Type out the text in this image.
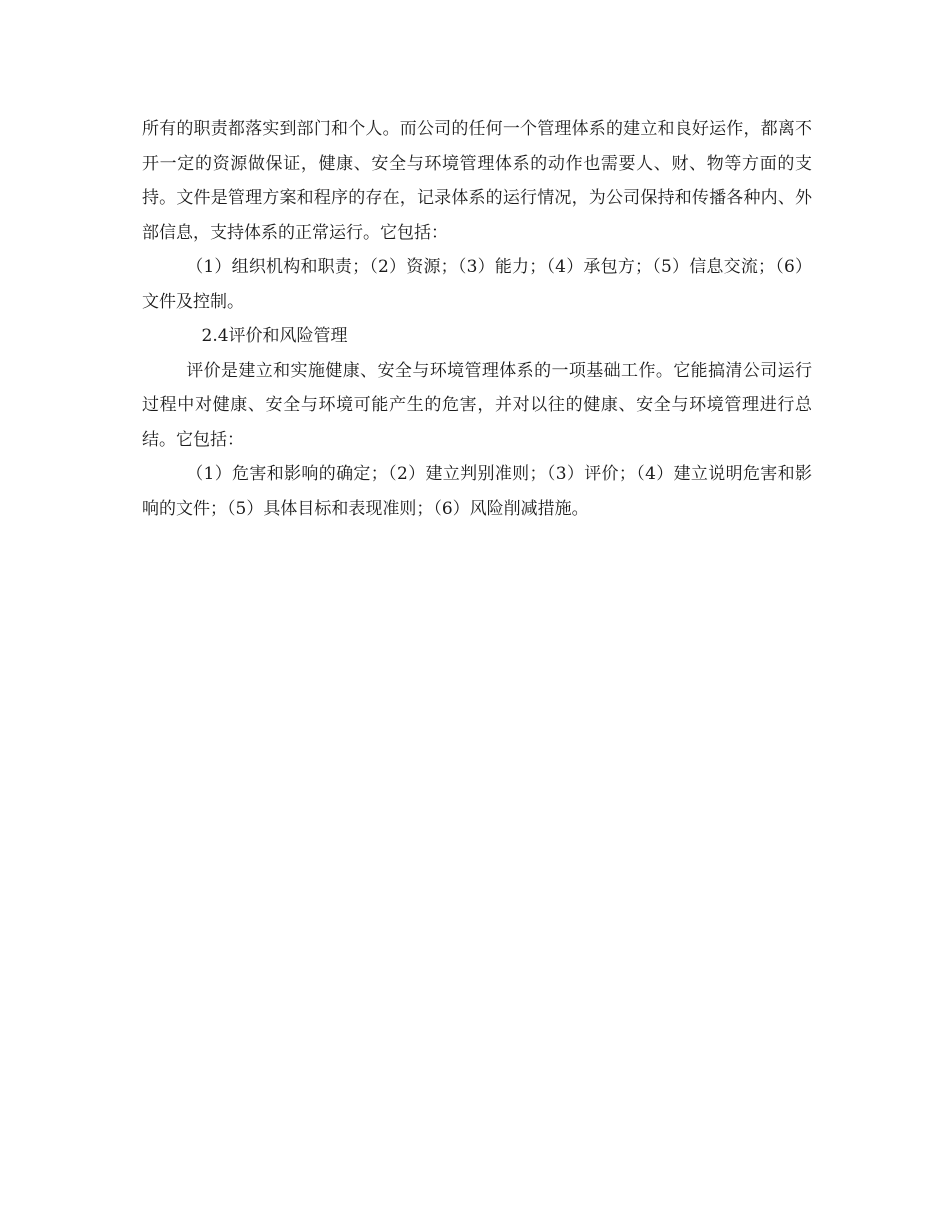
所有的职责都落实到部门和个人。而公司的任何一个管理体系的建立和良好运作，都离不开一定的资源做保证，健康、安全与环境管理体系的动作也需要人、财、物等方面的支持。文件是管理方案和程序的存在，记录体系的运行情况，为公司保持和传播各种内、外部信息，支持体系的正常运行。它包括：

（1）组织机构和职责；（2）资源；（3）能力；（4）承包方；（5）信息交流；（6）文件及控制。

2.4评价和风险管理

评价是建立和实施健康、安全与环境管理体系的一项基础工作。它能搞清公司运行过程中对健康、安全与环境可能产生的危害，并对以往的健康、安全与环境管理进行总结。它包括：

（1）危害和影响的确定；（2）建立判别准则；（3）评价；（4）建立说明危害和影响的文件；（5）具体目标和表现准则；（6）风险削减措施。
